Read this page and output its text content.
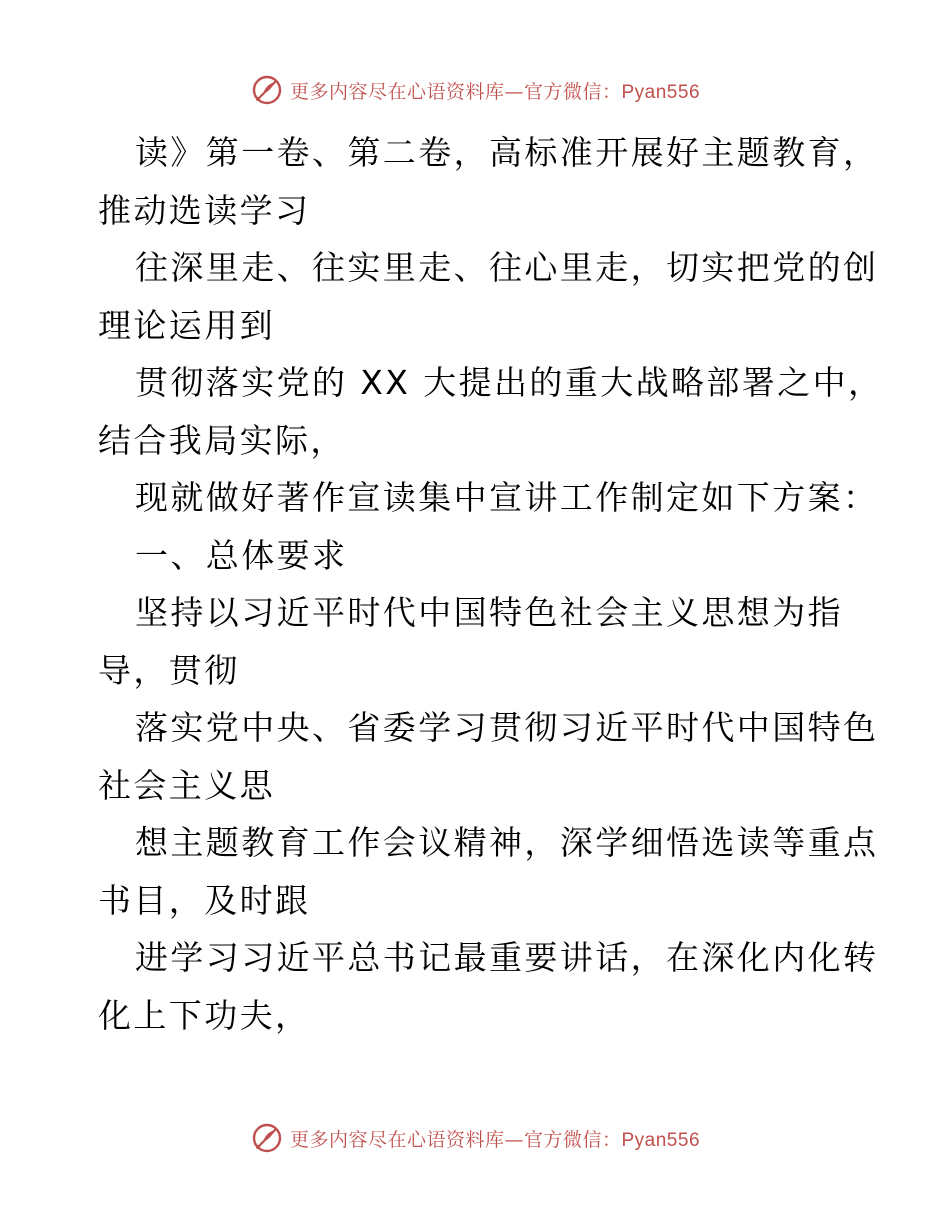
更多内容尽在心语资料库—官方微信：Pyan556
读》第一卷、第二卷，高标准开展好主题教育，
推动选读学习
往深里走、往实里走、往心里走，切实把党的创
理论运用到
贯彻落实党的 XX 大提出的重大战略部署之中，
结合我局实际，
现就做好著作宣读集中宣讲工作制定如下方案：
一、总体要求
坚持以习近平时代中国特色社会主义思想为指
导，贯彻
落实党中央、省委学习贯彻习近平时代中国特色
社会主义思
想主题教育工作会议精神，深学细悟选读等重点
书目，及时跟
进学习习近平总书记最重要讲话，在深化内化转
化上下功夫，
更多内容尽在心语资料库—官方微信：Pyan556
